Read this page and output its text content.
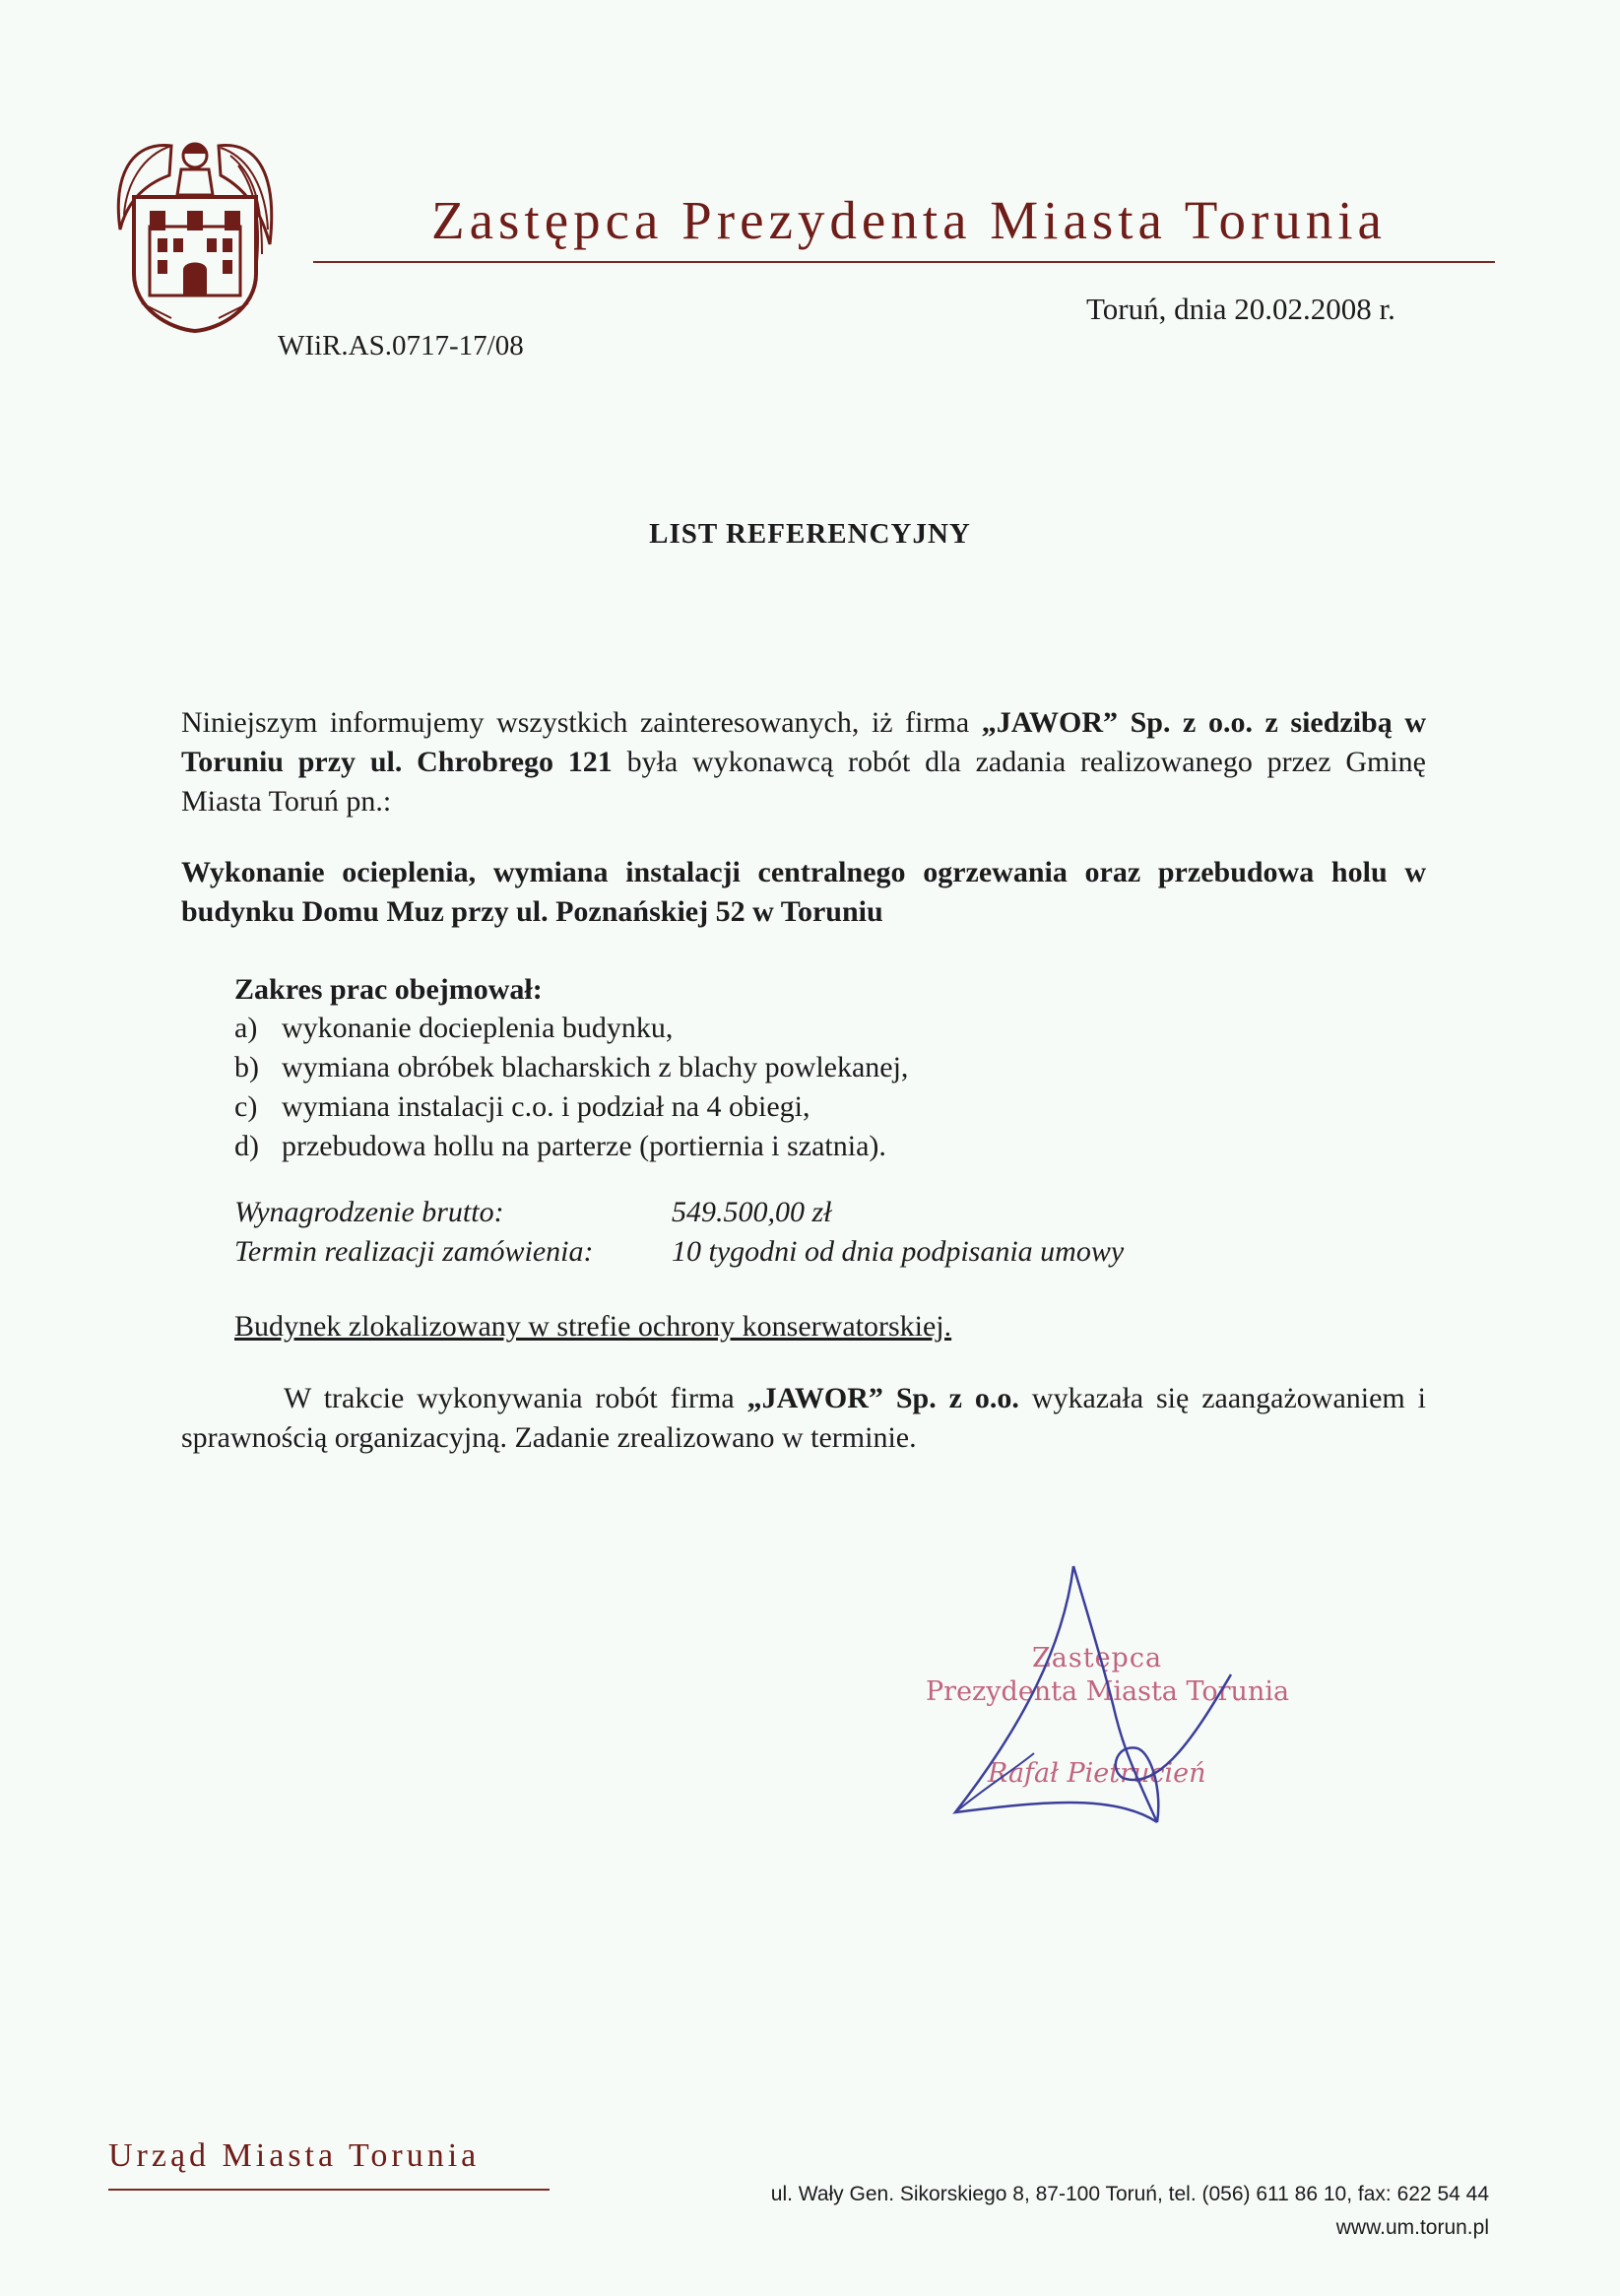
Zastępca Prezydenta Miasta Torunia
Toruń, dnia 20.02.2008 r.
WIiR.AS.0717-17/08
LIST REFERENCYJNY
Niniejszym informujemy wszystkich zainteresowanych, iż firma „JAWOR” Sp. z o.o. z siedzibą w Toruniu przy ul. Chrobrego 121 była wykonawcą robót dla zadania realizowanego przez Gminę Miasta Toruń pn.:
Wykonanie ocieplenia, wymiana instalacji centralnego ogrzewania oraz przebudowa holu w budynku Domu Muz przy ul. Poznańskiej 52 w Toruniu
Zakres prac obejmował:
a) wykonanie docieplenia budynku,
b) wymiana obróbek blacharskich z blachy powlekanej,
c) wymiana instalacji c.o. i podział na 4 obiegi,
d) przebudowa hollu na parterze (portiernia i szatnia).
Wynagrodzenie brutto:	549.500,00 zł
Termin realizacji zamówienia:	10 tygodni od dnia podpisania umowy
Budynek zlokalizowany w strefie ochrony konserwatorskiej.
W trakcie wykonywania robót firma „JAWOR” Sp. z o.o. wykazała się zaangażowaniem i sprawnością organizacyjną. Zadanie zrealizowano w terminie.
Zastępca
Prezydenta Miasta Torunia
Rafał Pietrucień
Urząd Miasta Torunia
ul. Wały Gen. Sikorskiego 8, 87-100 Toruń, tel. (056) 611 86 10, fax: 622 54 44
www.um.torun.pl
